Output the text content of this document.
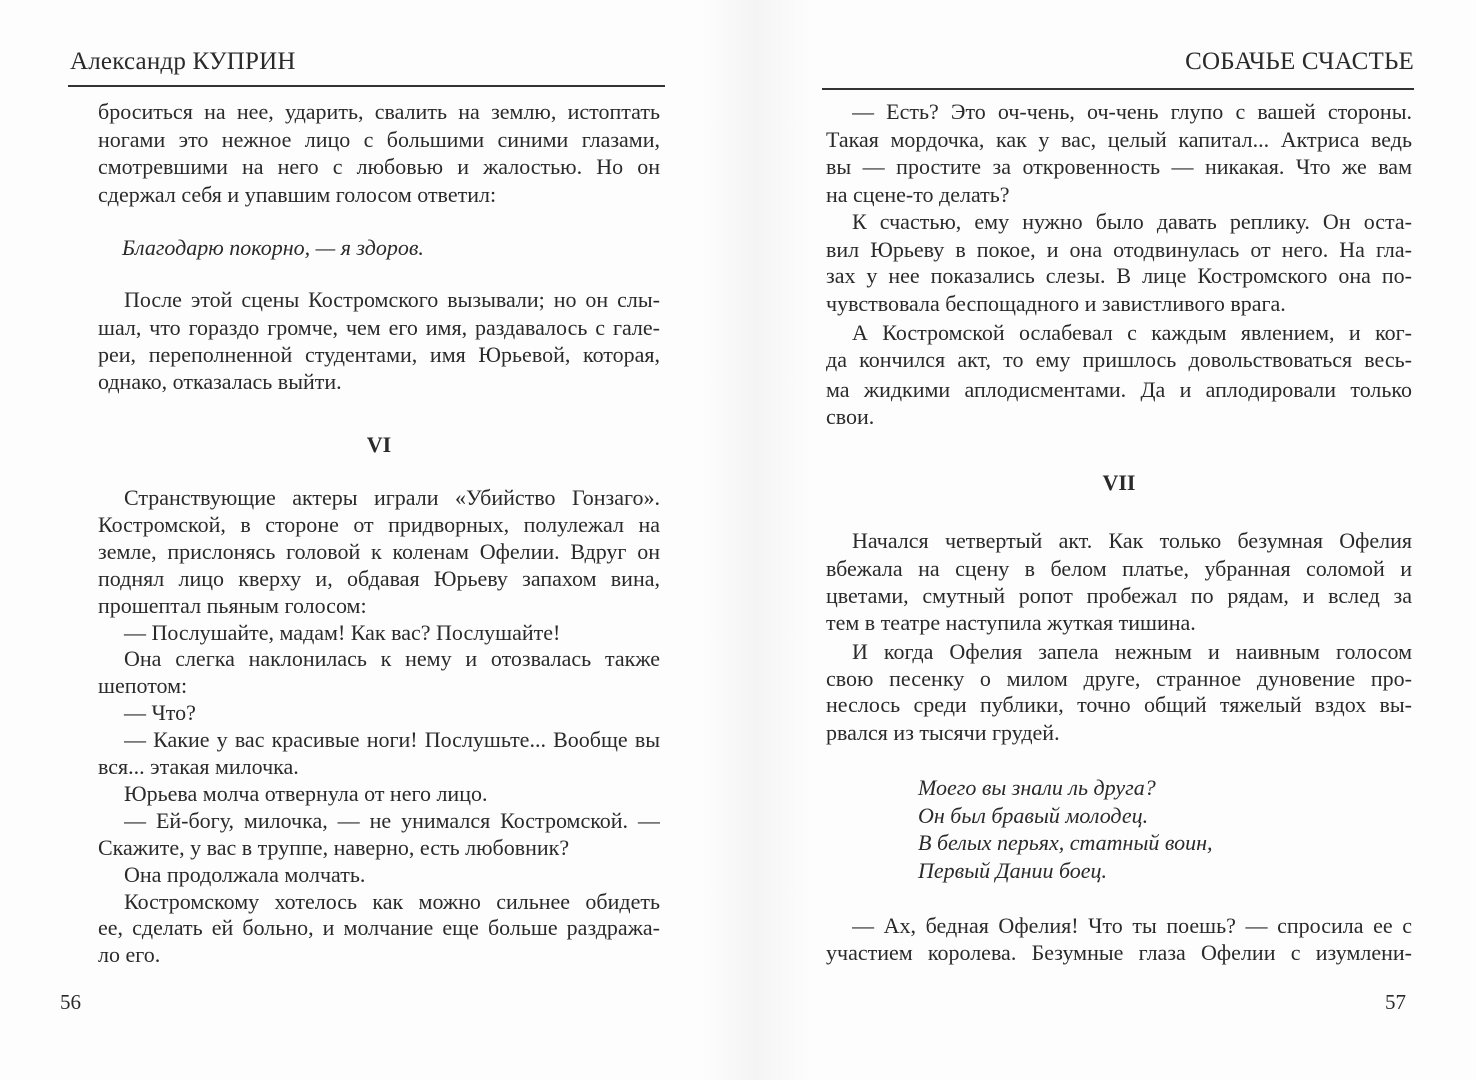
Александр КУПРИН
56
броситься на нее, ударить, свалить на землю, истоптать
ногами это нежное лицо с большими синими глазами,
смотревшими на него с любовью и жалостью. Но он
сдержал себя и упавшим голосом ответил:
Благодарю покорно, — я здоров.
После этой сцены Костромского вызывали; но он слы-
шал, что гораздо громче, чем его имя, раздавалось с гале-
реи, переполненной студентами, имя Юрьевой, которая,
однако, отказалась выйти.
VI
Странствующие актеры играли «Убийство Гонзаго».
Костромской, в стороне от придворных, полулежал на
земле, прислонясь головой к коленам Офелии. Вдруг он
поднял лицо кверху и, обдавая Юрьеву запахом вина,
прошептал пьяным голосом:
— Послушайте, мадам! Как вас? Послушайте!
Она слегка наклонилась к нему и отозвалась также
шепотом:
— Что?
— Какие у вас красивые ноги! Послушьте... Вообще вы
вся... этакая милочка.
Юрьева молча отвернула от него лицо.
— Ей-богу, милочка, — не унимался Костромской. —
Скажите, у вас в труппе, наверно, есть любовник?
Она продолжала молчать.
Костромскому хотелось как можно сильнее обидеть
ее, сделать ей больно, и молчание еще больше раздража-
ло его.
СОБАЧЬЕ СЧАСТЬЕ
57
— Есть? Это оч-чень, оч-чень глупо с вашей стороны.
Такая мордочка, как у вас, целый капитал... Актриса ведь
вы — простите за откровенность — никакая. Что же вам
на сцене-то делать?
К счастью, ему нужно было давать реплику. Он оста-
вил Юрьеву в покое, и она отодвинулась от него. На гла-
зах у нее показались слезы. В лице Костромского она по-
чувствовала беспощадного и завистливого врага.
А Костромской ослабевал с каждым явлением, и ког-
да кончился акт, то ему пришлось довольствоваться весь-
ма жидкими аплодисментами. Да и аплодировали только
свои.
VII
Начался четвертый акт. Как только безумная Офелия
вбежала на сцену в белом платье, убранная соломой и
цветами, смутный ропот пробежал по рядам, и вслед за
тем в театре наступила жуткая тишина.
И когда Офелия запела нежным и наивным голосом
свою песенку о милом друге, странное дуновение про-
неслось среди публики, точно общий тяжелый вздох вы-
рвался из тысячи грудей.
Моего вы знали ль друга?
Он был бравый молодец.
В белых перьях, статный воин,
Первый Дании боец.
— Ах, бедная Офелия! Что ты поешь? — спросила ее с
участием королева. Безумные глаза Офелии с изумлени-
